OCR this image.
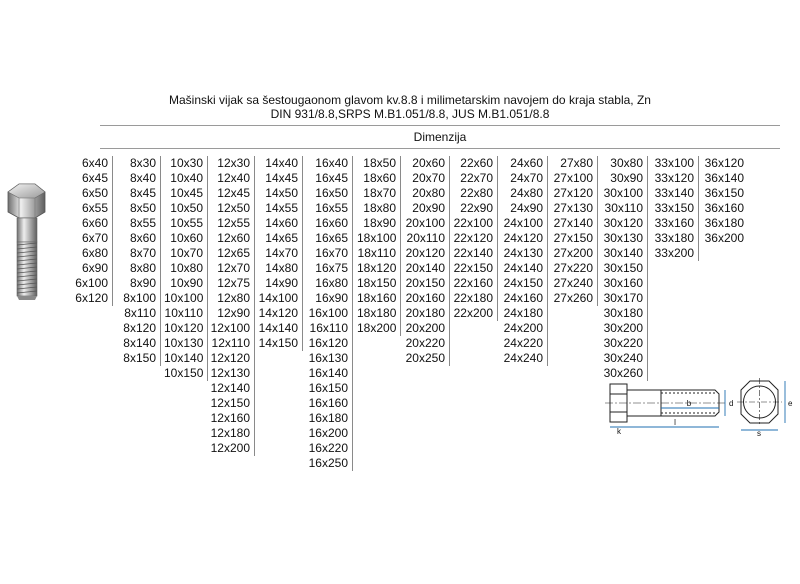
Mašinski vijak sa šestougaonom glavom kv.8.8 i milimetarskim navojem do kraja stabla, Zn
DIN 931/8.8,SRPS M.B1.051/8.8, JUS M.B1.051/8.8
Dimenzija
6x40
6x45
6x50
6x55
6x60
6x70
6x80
6x90
6x100
6x120
8x30
8x40
8x45
8x50
8x55
8x60
8x70
8x80
8x90
8x100
8x110
8x120
8x140
8x150
10x30
10x40
10x45
10x50
10x55
10x60
10x70
10x80
10x90
10x100
10x110
10x120
10x130
10x140
10x150
12x30
12x40
12x45
12x50
12x55
12x60
12x65
12x70
12x75
12x80
12x90
12x100
12x110
12x120
12x130
12x140
12x150
12x160
12x180
12x200
14x40
14x45
14x50
14x55
14x60
14x65
14x70
14x80
14x90
14x100
14x120
14x140
14x150
16x40
16x45
16x50
16x55
16x60
16x65
16x70
16x75
16x80
16x90
16x100
16x110
16x120
16x130
16x140
16x150
16x160
16x180
16x200
16x220
16x250
18x50
18x60
18x70
18x80
18x90
18x100
18x110
18x120
18x150
18x160
18x180
18x200
20x60
20x70
20x80
20x90
20x100
20x110
20x120
20x140
20x150
20x160
20x180
20x200
20x220
20x250
22x60
22x70
22x80
22x90
22x100
22x120
22x140
22x150
22x160
22x180
22x200
24x60
24x70
24x80
24x90
24x100
24x120
24x130
24x140
24x150
24x160
24x180
24x200
24x220
24x240
27x80
27x100
27x120
27x130
27x140
27x150
27x200
27x220
27x240
27x260
30x80
30x90
30x100
30x110
30x120
30x130
30x140
30x150
30x160
30x170
30x180
30x200
30x220
30x240
30x260
33x100
33x120
33x140
33x150
33x160
33x180
33x200
36x120
36x140
36x150
36x160
36x180
36x200
b
l
k
d	e
s
